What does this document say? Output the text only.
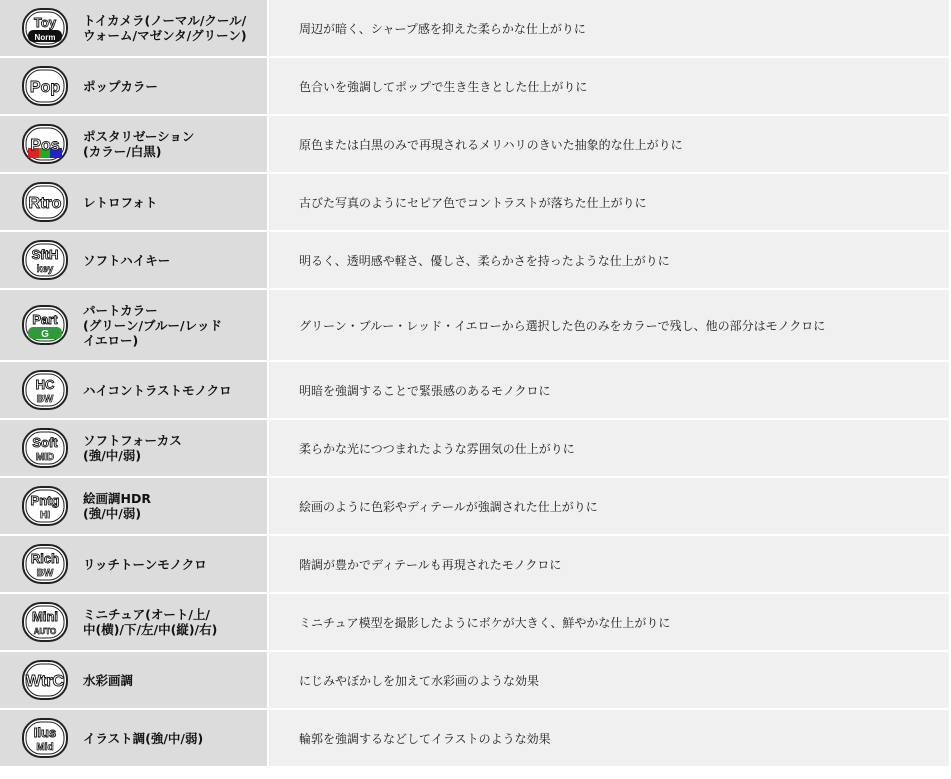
Toy
Norm
トイカメラ(ノーマル/クール/
ウォーム/マゼンタ/グリーン)	周辺が暗く、シャープ感を抑えた柔らかな仕上がりに
Pop ポップカラー	色合いを強調してポップで生き生きとした仕上がりに
Pos
ポスタリゼーション
(カラー/白黒)	原色または白黒のみで再現されるメリハリのきいた抽象的な仕上がりに
Rtro レトロフォト	古びた写真のようにセピア色でコントラストが落ちた仕上がりに
SftH
key
ソフトハイキー	明るく、透明感や軽さ、優しさ、柔らかさを持ったような仕上がりに
Part
G
パートカラー
(グリーン/ブルー/レッド
イエロー)
グリーン・ブルー・レッド・イエローから選択した色のみをカラーで残し、他の部分はモノクロに
HC
BW
ハイコントラストモノクロ	明暗を強調することで緊張感のあるモノクロに
Soft
MID
ソフトフォーカス
(強/中/弱)	柔らかな光につつまれたような雰囲気の仕上がりに
Pntg
HI
絵画調HDR
(強/中/弱)	絵画のように色彩やディテールが強調された仕上がりに
Rich
BW
リッチトーンモノクロ	階調が豊かでディテールも再現されたモノクロに
Mini
AUTO
ミニチュア(オート/上/
中(横)/下/左/中(縦)/右)	ミニチュア模型を撮影したようにボケが大きく、鮮やかな仕上がりに
WtrC 水彩画調	にじみやぼかしを加えて水彩画のような効果
Ilus
Mid
イラスト調(強/中/弱)	輪郭を強調するなどしてイラストのような効果
